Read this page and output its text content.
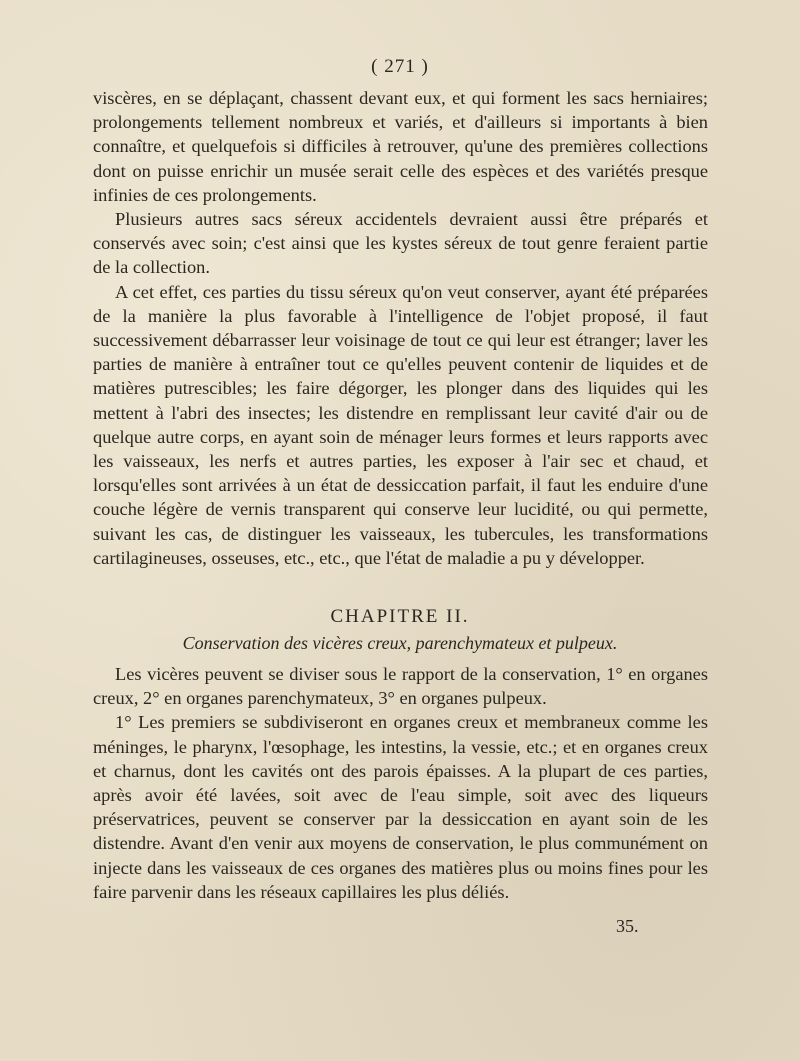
( 271 )

viscères, en se déplaçant, chassent devant eux, et qui forment les sacs herniaires; prolongements tellement nombreux et variés, et d'ailleurs si importants à bien connaître, et quelquefois si difficiles à retrouver, qu'une des premières collections dont on puisse enrichir un musée serait celle des espèces et des variétés presque infinies de ces prolongements.

Plusieurs autres sacs séreux accidentels devraient aussi être préparés et conservés avec soin; c'est ainsi que les kystes séreux de tout genre feraient partie de la collection.

A cet effet, ces parties du tissu séreux qu'on veut conserver, ayant été préparées de la manière la plus favorable à l'intelligence de l'objet proposé, il faut successivement débarrasser leur voisinage de tout ce qui leur est étranger; laver les parties de manière à entraîner tout ce qu'elles peuvent contenir de liquides et de matières putrescibles; les faire dégorger, les plonger dans des liquides qui les mettent à l'abri des insectes; les distendre en remplissant leur cavité d'air ou de quelque autre corps, en ayant soin de ménager leurs formes et leurs rapports avec les vaisseaux, les nerfs et autres parties, les exposer à l'air sec et chaud, et lorsqu'elles sont arrivées à un état de dessiccation parfait, il faut les enduire d'une couche légère de vernis transparent qui conserve leur lucidité, ou qui permette, suivant les cas, de distinguer les vaisseaux, les tubercules, les transformations cartilagineuses, osseuses, etc., etc., que l'état de maladie a pu y développer.

CHAPITRE II.
Conservation des vicères creux, parenchymateux et pulpeux.

Les vicères peuvent se diviser sous le rapport de la conservation, 1° en organes creux, 2° en organes parenchymateux, 3° en organes pulpeux.

1° Les premiers se subdiviseront en organes creux et membraneux comme les méninges, le pharynx, l'œsophage, les intestins, la vessie, etc.; et en organes creux et charnus, dont les cavités ont des parois épaisses. A la plupart de ces parties, après avoir été lavées, soit avec de l'eau simple, soit avec des liqueurs préservatrices, peuvent se conserver par la dessiccation en ayant soin de les distendre. Avant d'en venir aux moyens de conservation, le plus communément on injecte dans les vaisseaux de ces organes des matières plus ou moins fines pour les faire parvenir dans les réseaux capillaires les plus déliés.

35.
